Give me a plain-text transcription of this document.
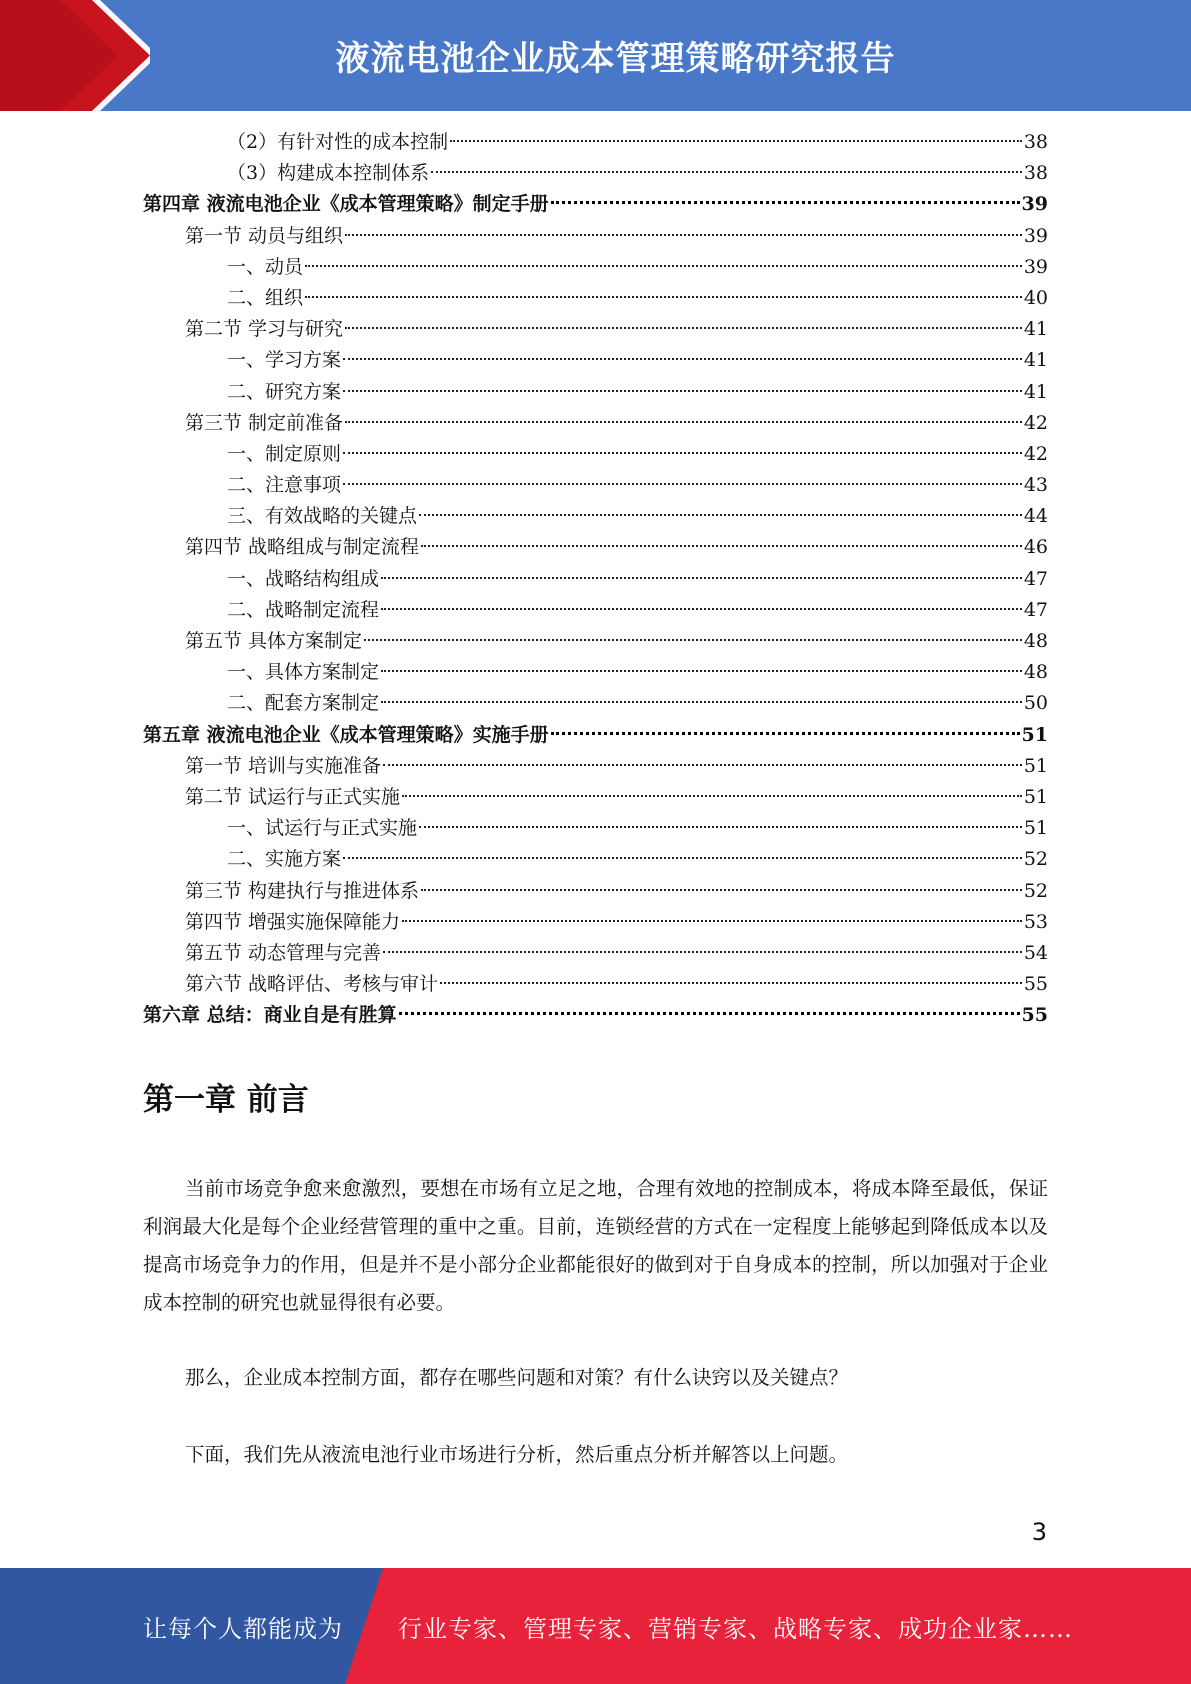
液流电池企业成本管理策略研究报告
（2）有针对性的成本控制	38
（3）构建成本控制体系	38
第四章 液流电池企业《成本管理策略》制定手册	39
第一节 动员与组织	39
一、动员	39
二、组织	40
第二节 学习与研究	41
一、学习方案	41
二、研究方案	41
第三节 制定前准备	42
一、制定原则	42
二、注意事项	43
三、有效战略的关键点	44
第四节 战略组成与制定流程	46
一、战略结构组成	47
二、战略制定流程	47
第五节 具体方案制定	48
一、具体方案制定	48
二、配套方案制定	50
第五章 液流电池企业《成本管理策略》实施手册	51
第一节 培训与实施准备	51
第二节 试运行与正式实施	51
一、试运行与正式实施	51
二、实施方案	52
第三节 构建执行与推进体系	52
第四节 增强实施保障能力	53
第五节 动态管理与完善	54
第六节 战略评估、考核与审计	55
第六章 总结：商业自是有胜算	55
第一章 前言

当前市场竞争愈来愈激烈，要想在市场有立足之地，合理有效地的控制成本，将成本降至最低，保证利润最大化是每个企业经营管理的重中之重。目前，连锁经营的方式在一定程度上能够起到降低成本以及提高市场竞争力的作用，但是并不是小部分企业都能很好的做到对于自身成本的控制，所以加强对于企业成本控制的研究也就显得很有必要。

那么，企业成本控制方面，都存在哪些问题和对策？有什么诀窍以及关键点？

下面，我们先从液流电池行业市场进行分析，然后重点分析并解答以上问题。

3
让每个人都能成为 行业专家、管理专家、营销专家、战略专家、成功企业家……
